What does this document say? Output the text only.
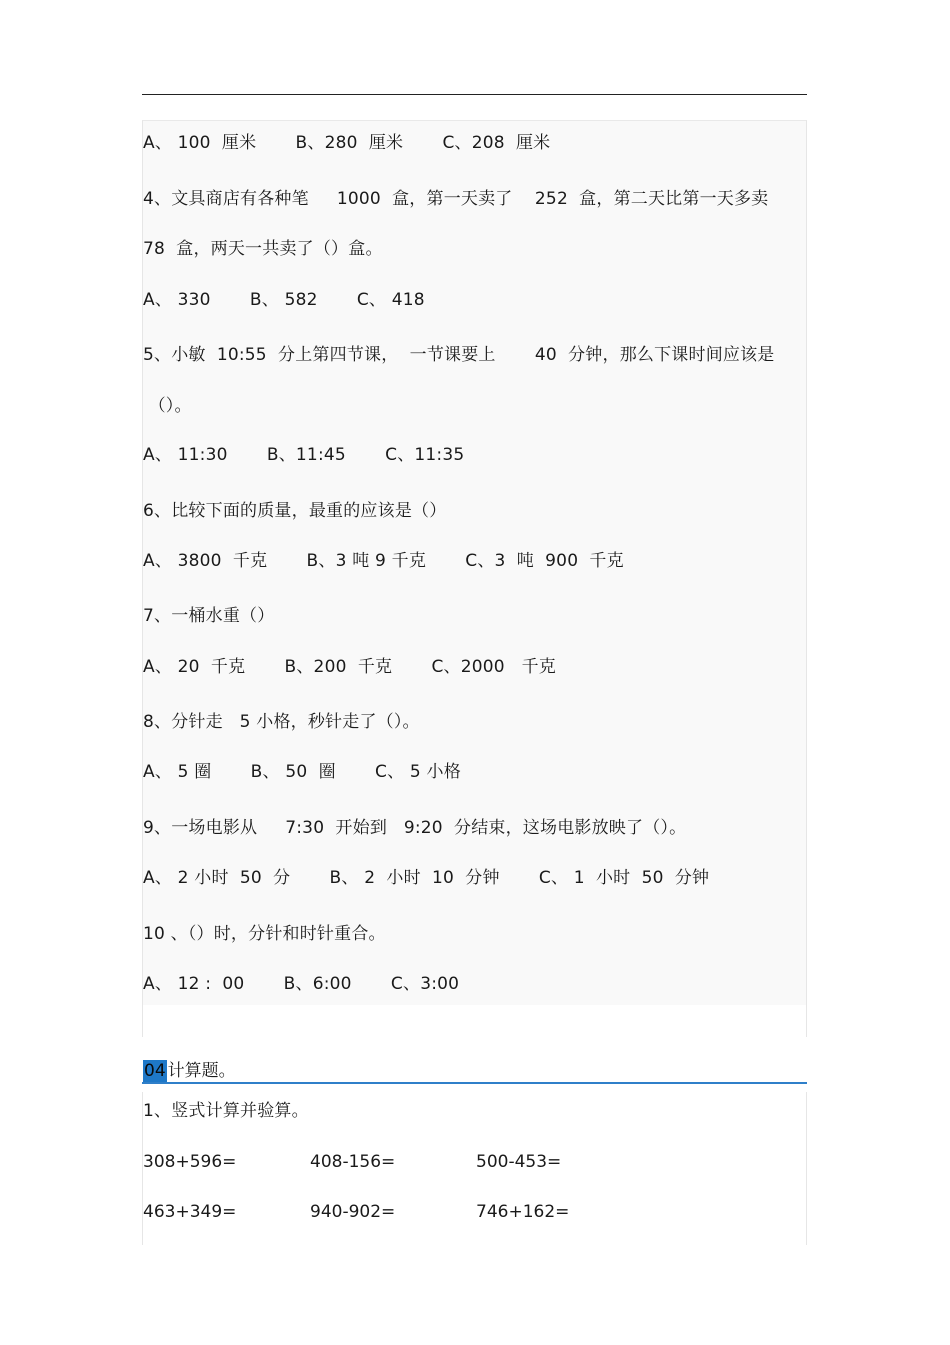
A、 100  厘米       B、280  厘米       C、208  厘米
4、文具商店有各种笔     1000  盒，第一天卖了    252  盒，第二天比第一天多卖
78  盒，两天一共卖了（）盒。
A、 330       B、 582       C、 418
5、小敏  10:55  分上第四节课，  一节课要上       40  分钟，那么下课时间应该是
（）。
A、 11:30       B、11:45       C、11:35
6、比较下面的质量，最重的应该是（）
A、 3800  千克       B、3 吨 9 千克       C、3  吨  900  千克
7、一桶水重（）
A、 20  千克       B、200  千克       C、2000   千克
8、分针走   5 小格，秒针走了（）。
A、 5 圈       B、 50  圈       C、 5 小格
9、一场电影从     7:30  开始到   9:20  分结束，这场电影放映了（）。
A、 2 小时  50  分       B、 2  小时  10  分钟       C、 1  小时  50  分钟
10 、（）时，分针和时针重合。
A、 12 :  00       B、6:00       C、3:00
04 计算题。
1、竖式计算并验算。
308+596=	408-156=	500-453=
463+349=	940-902=	746+162=
